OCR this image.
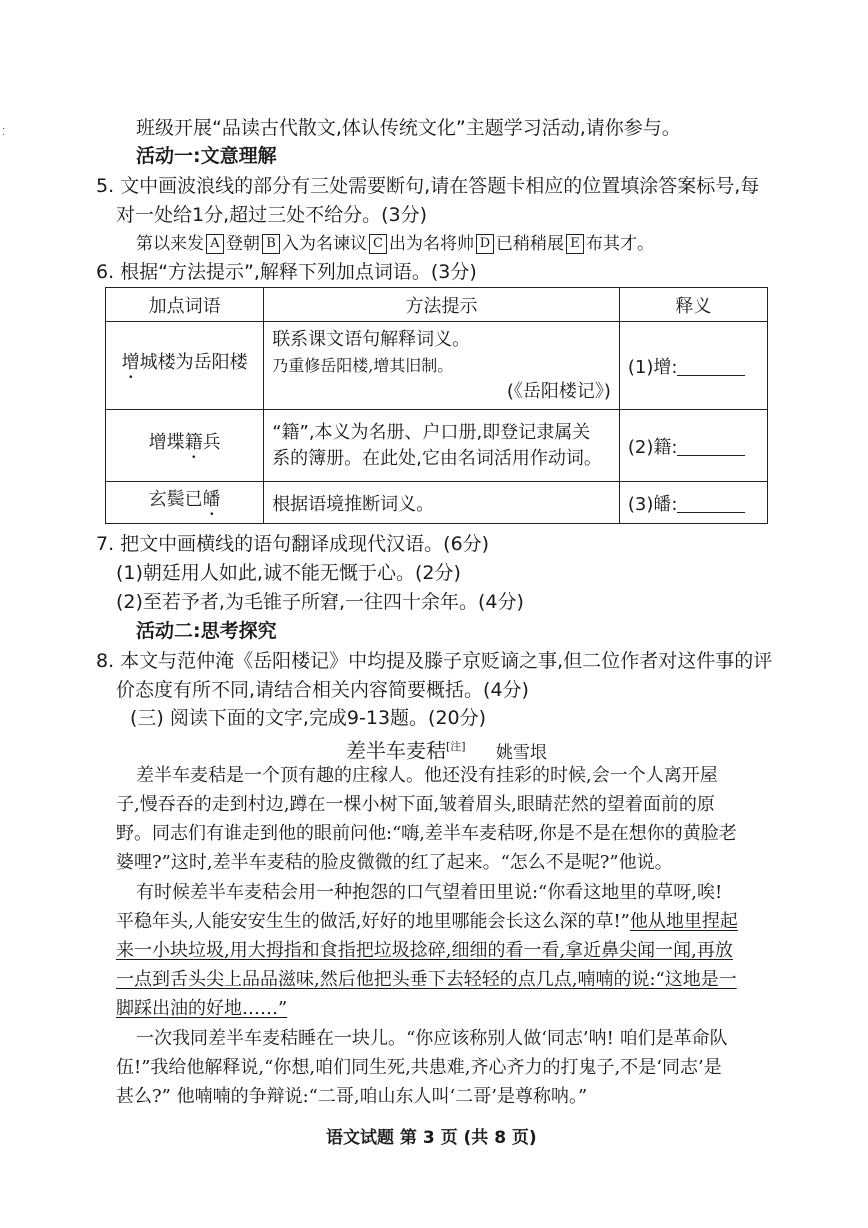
⁚	班级开展“品读古代散文,体认传统文化”主题学习活动,请你参与。
活动一:文意理解
5. 文中画波浪线的部分有三处需要断句,请在答题卡相应的位置填涂答案标号,每
对一处给1分,超过三处不给分。(3分)
第以来发 A 登朝 B 入为名谏议 C 出为名将帅 D 已稍稍展 E 布其才。
6. 根据“方法提示”,解释下列加点词语。(3分)
加点词语	方法提示	释义
增城楼为岳阳楼	联系课文语句解释词义。
乃重修岳阳楼,增其旧制。
(《岳阳楼记》)	(1)增:
增堞籍兵	“籍”,本义为名册、户口册,即登记隶属关
系的簿册。在此处,它由名词活用作动词。	(2)籍:
玄鬓已皤	根据语境推断词义。	(3)皤:
7. 把文中画横线的语句翻译成现代汉语。(6分)
(1)朝廷用人如此,诚不能无慨于心。(2分)
(2)至若予者,为毛锥子所窘,一往四十余年。(4分)
活动二:思考探究
8. 本文与范仲淹《岳阳楼记》中均提及滕子京贬谪之事,但二位作者对这件事的评
价态度有所不同,请结合相关内容简要概括。(4分)
(三) 阅读下面的文字,完成9-13题。(20分)
差半车麦秸[注] 姚雪垠
差半车麦秸是一个顶有趣的庄稼人。他还没有挂彩的时候,会一个人离开屋
子,慢吞吞的走到村边,蹲在一棵小树下面,皱着眉头,眼睛茫然的望着面前的原
野。同志们有谁走到他的眼前问他:“嗨,差半车麦秸呀,你是不是在想你的黄脸老
婆哩?”这时,差半车麦秸的脸皮微微的红了起来。“怎么不是呢?”他说。
有时候差半车麦秸会用一种抱怨的口气望着田里说:“你看这地里的草呀,唉!
平稳年头,人能安安生生的做活,好好的地里哪能会长这么深的草!”他从地里捏起
来一小块垃圾,用大拇指和食指把垃圾捻碎,细细的看一看,拿近鼻尖闻一闻,再放
一点到舌头尖上品品滋味,然后他把头垂下去轻轻的点几点,喃喃的说:“这地是一
脚踩出油的好地……”
一次我同差半车麦秸睡在一块儿。“你应该称别人做‘同志’呐! 咱们是革命队
伍!”我给他解释说,“你想,咱们同生死,共患难,齐心齐力的打鬼子,不是‘同志’是
甚么?” 他喃喃的争辩说:“二哥,咱山东人叫‘二哥’是尊称呐。”
语文试题 第 3 页 (共 8 页)
